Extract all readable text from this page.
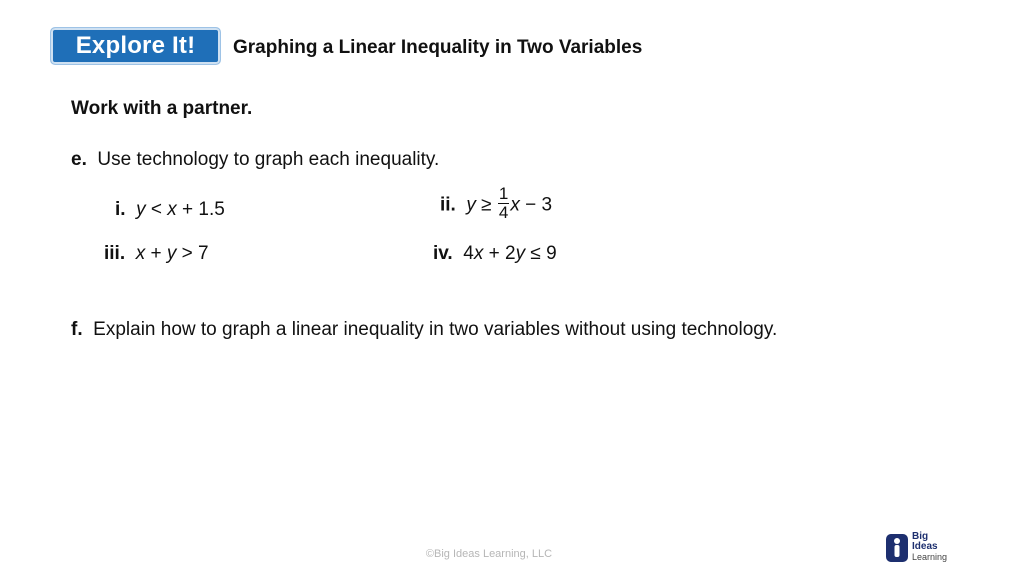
Explore It! Graphing a Linear Inequality in Two Variables
Work with a partner.
e. Use technology to graph each inequality.
i. y < x + 1.5	ii. $y \ge \frac{1}{4}$ x − 3
iii. x + y > 7	iv. 4x + 2y ≤ 9
f. Explain how to graph a linear inequality in two variables without using technology.
©Big Ideas Learning, LLC
Big
Ideas
Learning
